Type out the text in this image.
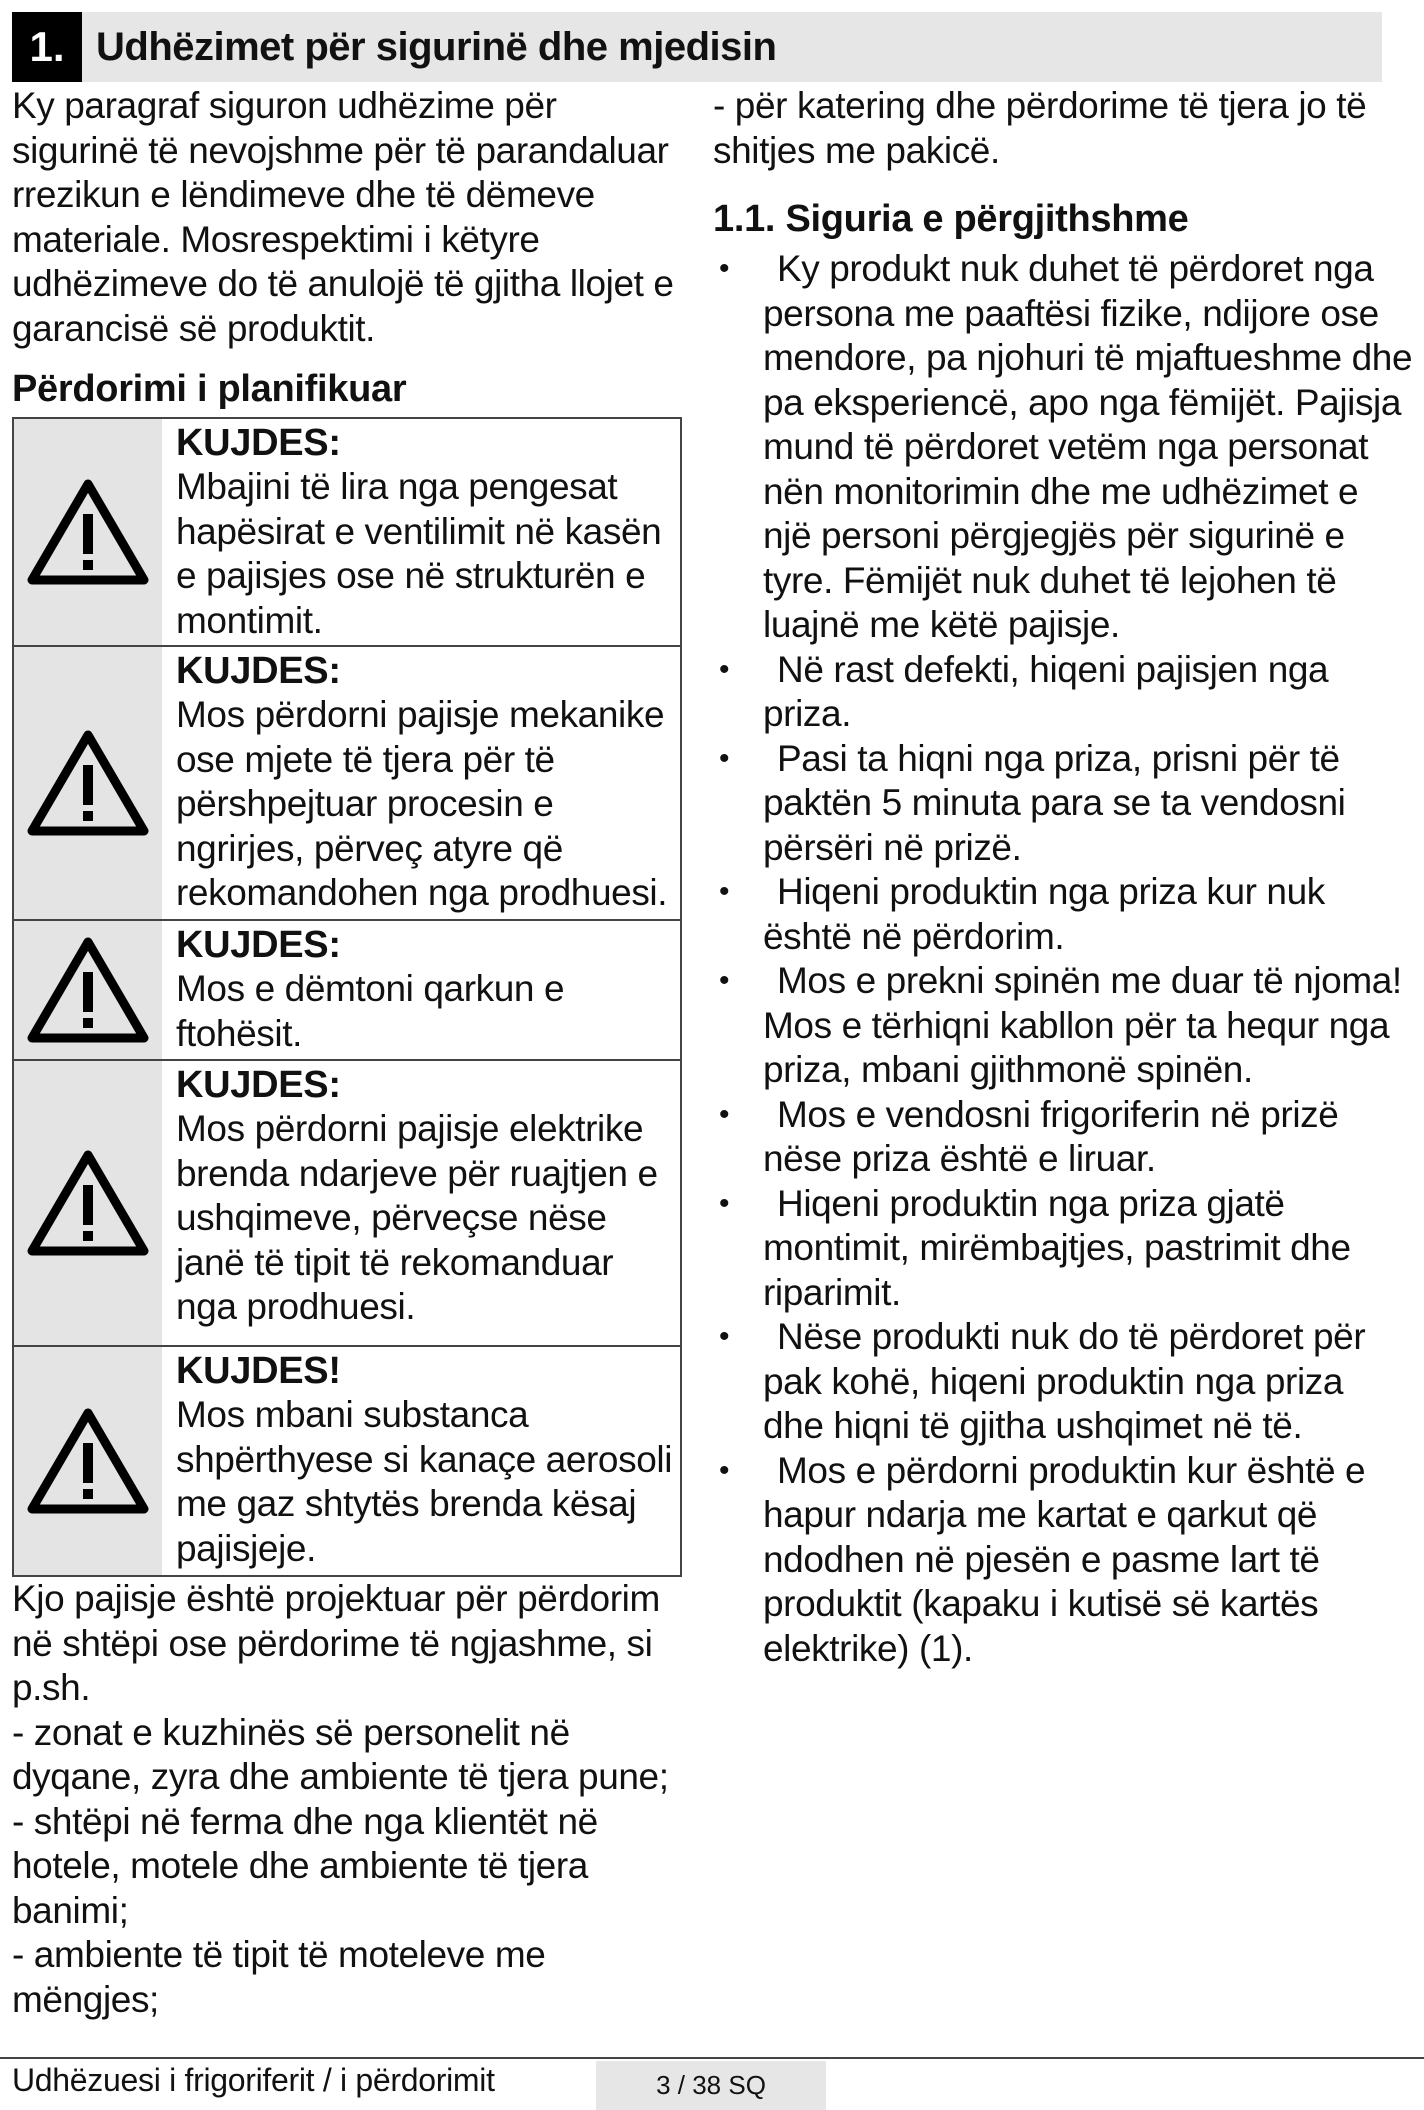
1. Udhëzimet për sigurinë dhe mjedisin

Ky paragraf siguron udhëzime për sigurinë të nevojshme për të parandaluar rrezikun e lëndimeve dhe të dëmeve materiale. Mosrespektimi i këtyre udhëzimeve do të anulojë të gjitha llojet e garancisë së produktit.

Përdorimi i planifikuar
KUJDES:
Mbajini të lira nga pengesat hapësirat e ventilimit në kasën e pajisjes ose në strukturën e montimit.
KUJDES:
Mos përdorni pajisje mekanike ose mjete të tjera për të përshpejtuar procesin e ngrirjes, përveç atyre që rekomandohen nga prodhuesi.
KUJDES:
Mos e dëmtoni qarkun e ftohësit.
KUJDES:
Mos përdorni pajisje elektrike brenda ndarjeve për ruajtjen e ushqimeve, përveçse nëse janë të tipit të rekomanduar nga prodhuesi.
KUJDES!
Mos mbani substanca shpërthyese si kanaçe aerosoli me gaz shtytës brenda kësaj pajisjeje.

Kjo pajisje është projektuar për përdorim në shtëpi ose përdorime të ngjashme, si p.sh.

- zonat e kuzhinës së personelit në dyqane, zyra dhe ambiente të tjera pune;

- shtëpi në ferma dhe nga klientët në hotele, motele dhe ambiente të tjera banimi;

- ambiente të tipit të moteleve me mëngjes;

- për katering dhe përdorime të tjera jo të shitjes me pakicë.

1.1. Siguria e përgjithshme
•	Ky produkt nuk duhet të përdoret nga persona me paaftësi fizike, ndijore ose mendore, pa njohuri të mjaftueshme dhe pa eksperiencë, apo nga fëmijët. Pajisja mund të përdoret vetëm nga personat nën monitorimin dhe me udhëzimet e një personi përgjegjës për sigurinë e tyre. Fëmijët nuk duhet të lejohen të luajnë me këtë pajisje.
•	Në rast defekti, hiqeni pajisjen nga priza.
•	Pasi ta hiqni nga priza, prisni për të paktën 5 minuta para se ta vendosni përsëri në prizë.
•	Hiqeni produktin nga priza kur nuk është në përdorim.
•	Mos e prekni spinën me duar të njoma! Mos e tërhiqni kabllon për ta hequr nga priza, mbani gjithmonë spinën.
•	Mos e vendosni frigoriferin në prizë nëse priza është e liruar.
•	Hiqeni produktin nga priza gjatë montimit, mirëmbajtjes, pastrimit dhe riparimit.
•	Nëse produkti nuk do të përdoret për pak kohë, hiqeni produktin nga priza dhe hiqni të gjitha ushqimet në të.
•	Mos e përdorni produktin kur është e hapur ndarja me kartat e qarkut që ndodhen në pjesën e pasme lart të produktit (kapaku i kutisë së kartës elektrike) (1).
Udhëzuesi i frigoriferit / i përdorimit	3 / 38 SQ
